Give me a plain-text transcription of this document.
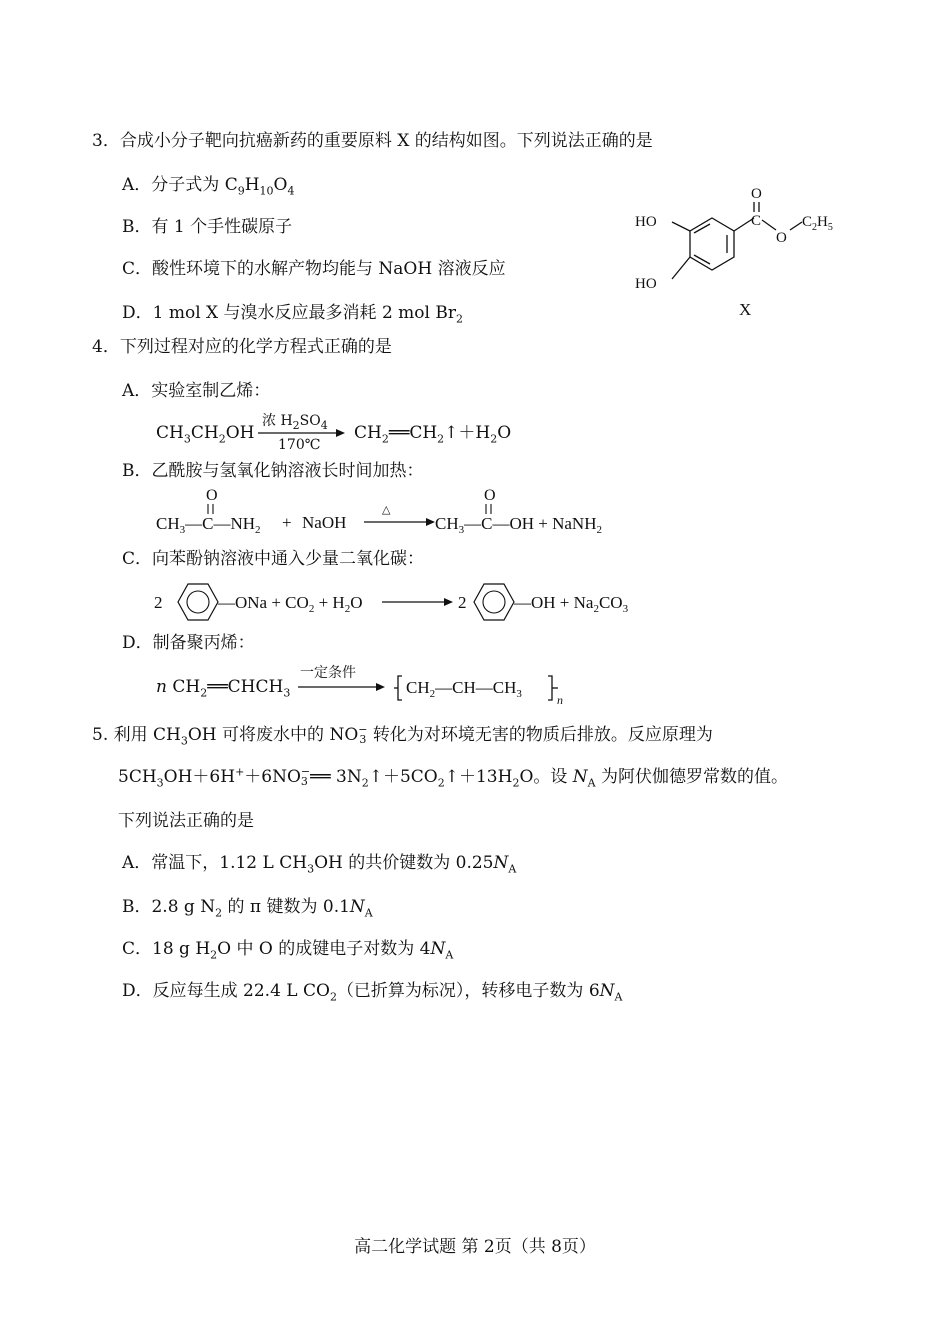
3．合成小分子靶向抗癌新药的重要原料 X 的结构如图。下列说法正确的是
A．分子式为 $C_9H_{10}O_4$
B．有 1 个手性碳原子
C．酸性环境下的水解产物均能与 NaOH 溶液反应
D．1 mol X 与溴水反应最多消耗 2 mol $Br_2$
HO
HO
O
C
O
$C_2H_5$
X
4．下列过程对应的化学方程式正确的是
A．实验室制乙烯：
$CH_3CH_2OH$
浓 $H_2SO_4$
170℃
$CH_2══CH_2↑+H_2O$
B．乙酰胺与氢氧化钠溶液长时间加热：
O
$CH_3—C—NH_2$ + NaOH
△
O
$CH_3—C—OH$ + NaNH$_2$
C．向苯酚钠溶液中通入少量二氧化碳：
2	—ONa + $CO_2 + H_2O$	2	—OH + $Na_2CO_3$
D．制备聚丙烯：
n $CH_2══CHCH_3$
一定条件
$CH_2—CH—CH_3$	n
5. 利用 $CH_3OH$ 可将废水中的 NO −
3 转化为对环境无害的物质后排放。反应原理为
$5CH_3OH+6H^++6NO$ −
3 ══ $3N_2↑+5CO_2↑+13H_2O$。设 $N_A$ 为阿伏伽德罗常数的值。
下列说法正确的是
A．常温下，1.12 L $CH_3OH$ 的共价键数为 $0.25N_A$
B．2.8 g $N_2$ 的 π 键数为 $0.1N_A$
C．18 g $H_2O$ 中 O 的成键电子对数为 $4N_A$
D．反应每生成 22.4 L $CO_2$（已折算为标况），转移电子数为 $6N_A$
高二化学试题 第 2页（共 8页）
